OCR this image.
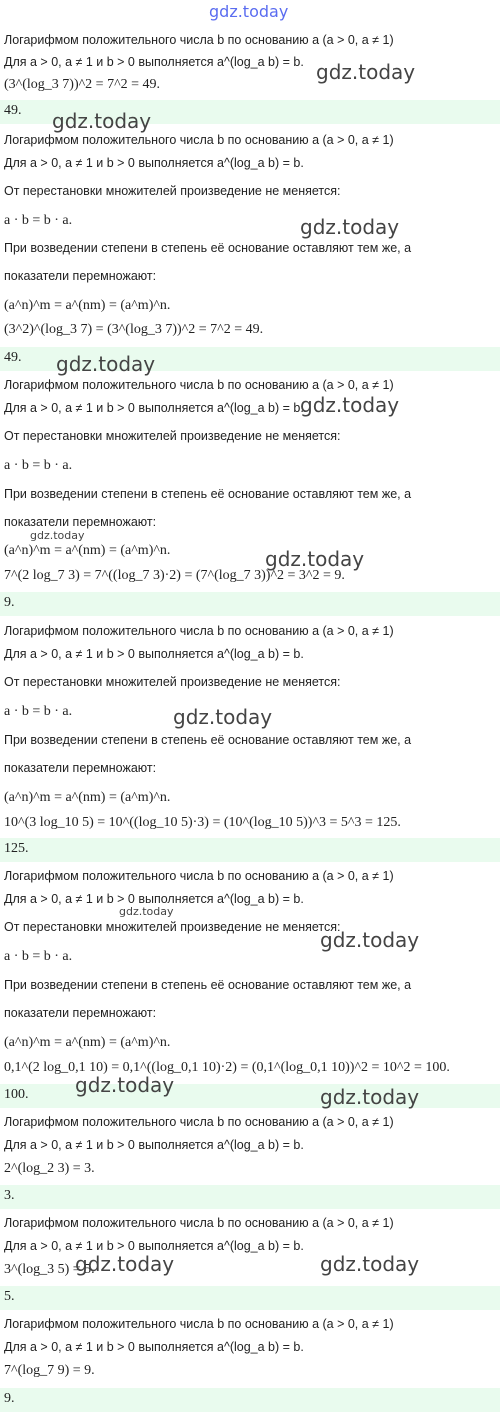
gdz.today
Логарифмом положительного числа b по основанию a (a > 0, a ≠ 1)
Для a > 0, a ≠ 1 и b > 0 выполняется a^(log_a b) = b.
(3^(log_3 7))^2 = 7^2 = 49.
49.
Логарифмом положительного числа b по основанию a (a > 0, a ≠ 1)
Для a > 0, a ≠ 1 и b > 0 выполняется a^(log_a b) = b.
От перестановки множителей произведение не меняется:
a · b = b · a.
При возведении степени в степень её основание оставляют тем же, а
показатели перемножают:
(a^n)^m = a^(nm) = (a^m)^n.
(3^2)^(log_3 7) = (3^(log_3 7))^2 = 7^2 = 49.
49.
Логарифмом положительного числа b по основанию a (a > 0, a ≠ 1)
Для a > 0, a ≠ 1 и b > 0 выполняется a^(log_a b) = b.
От перестановки множителей произведение не меняется:
a · b = b · a.
При возведении степени в степень её основание оставляют тем же, а
показатели перемножают:
(a^n)^m = a^(nm) = (a^m)^n.
7^(2 log_7 3) = 7^((log_7 3)·2) = (7^(log_7 3))^2 = 3^2 = 9.
9.
Логарифмом положительного числа b по основанию a (a > 0, a ≠ 1)
Для a > 0, a ≠ 1 и b > 0 выполняется a^(log_a b) = b.
От перестановки множителей произведение не меняется:
a · b = b · a.
При возведении степени в степень её основание оставляют тем же, а
показатели перемножают:
(a^n)^m = a^(nm) = (a^m)^n.
10^(3 log_10 5) = 10^((log_10 5)·3) = (10^(log_10 5))^3 = 5^3 = 125.
125.
Логарифмом положительного числа b по основанию a (a > 0, a ≠ 1)
Для a > 0, a ≠ 1 и b > 0 выполняется a^(log_a b) = b.
От перестановки множителей произведение не меняется:
a · b = b · a.
При возведении степени в степень её основание оставляют тем же, а
показатели перемножают:
(a^n)^m = a^(nm) = (a^m)^n.
0,1^(2 log_0,1 10) = 0,1^((log_0,1 10)·2) = (0,1^(log_0,1 10))^2 = 10^2 = 100.
100.
Логарифмом положительного числа b по основанию a (a > 0, a ≠ 1)
Для a > 0, a ≠ 1 и b > 0 выполняется a^(log_a b) = b.
2^(log_2 3) = 3.
3.
Логарифмом положительного числа b по основанию a (a > 0, a ≠ 1)
Для a > 0, a ≠ 1 и b > 0 выполняется a^(log_a b) = b.
3^(log_3 5) = 5.
5.
Логарифмом положительного числа b по основанию a (a > 0, a ≠ 1)
Для a > 0, a ≠ 1 и b > 0 выполняется a^(log_a b) = b.
7^(log_7 9) = 9.
9.
gdz.today
gdz.today
gdz.today
gdz.today
gdz.today
gdz.today
gdz.today
gdz.today
gdz.today
gdz.today
gdz.today	gdz.today
gdz.today	gdz.today
